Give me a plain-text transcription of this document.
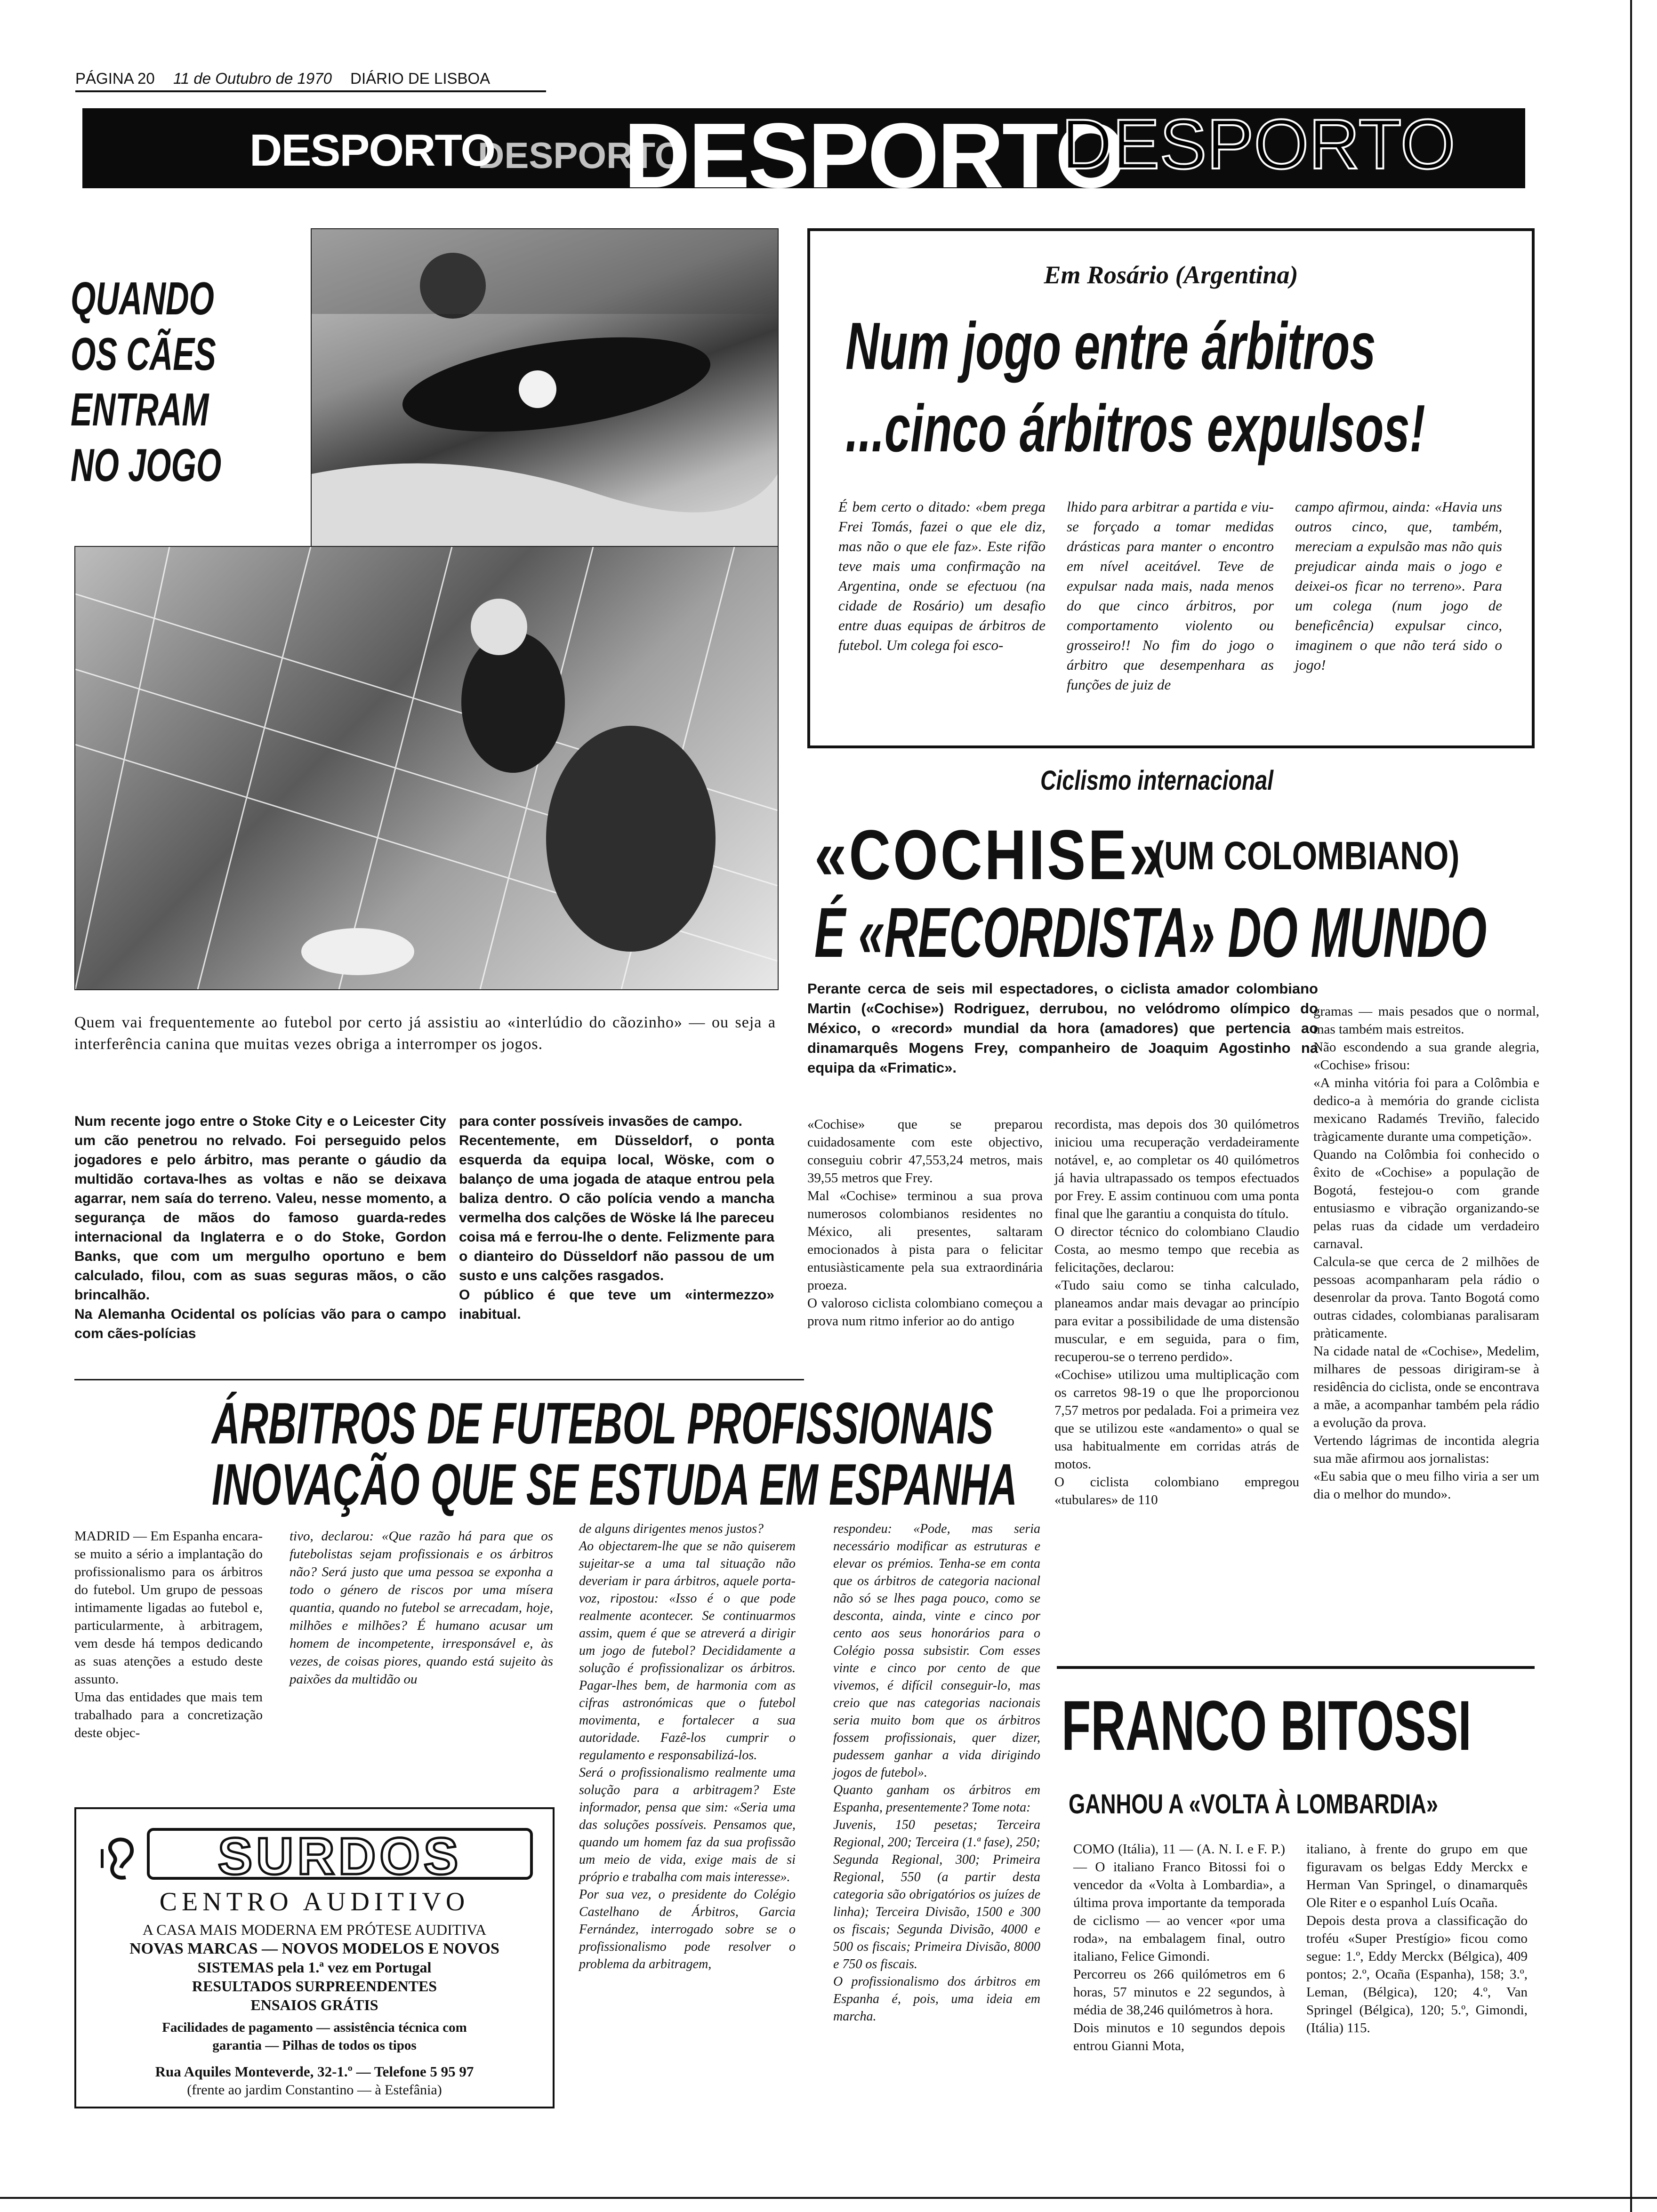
PÁGINA 20 11 de Outubro de 1970 DIÁRIO DE LISBOA
DESPORTO
DESPORTO
DESPORTO
DESPORTO
QUANDO
OS CÃES
ENTRAM
NO JOGO
Quem vai frequentemente ao futebol por certo já assistiu ao «interlúdio do cãozinho» — ou seja a interferência canina que muitas vezes obriga a interromper os jogos.
Num recente jogo entre o Stoke City e o Leicester City um cão penetrou no relvado. Foi perseguido pelos jogadores e pelo árbitro, mas perante o gáudio da multidão cortava-lhes as voltas e não se deixava agarrar, nem saía do terreno. Valeu, nesse momento, a segurança de mãos do famoso guarda-redes internacional da Inglaterra e o do Stoke, Gordon Banks, que com um mergulho oportuno e bem calculado, filou, com as suas seguras mãos, o cão brincalhão.
Na Alemanha Ocidental os polícias vão para o campo com cães-polícias
para conter possíveis invasões de campo.
Recentemente, em Düsseldorf, o ponta esquerda da equipa local, Wöske, com o balanço de uma jogada de ataque entrou pela baliza dentro. O cão polícia vendo a mancha vermelha dos calções de Wöske lá lhe pareceu coisa má e ferrou-lhe o dente. Felizmente para o dianteiro do Düsseldorf não passou de um susto e uns calções rasgados.
O público é que teve um «intermezzo» inabitual.
Em Rosário (Argentina)
Num jogo entre árbitros
...cinco árbitros expulsos!
É bem certo o ditado: «bem prega Frei Tomás, fazei o que ele diz, mas não o que ele faz». Este rifão teve mais uma confirmação na Argentina, onde se efectuou (na cidade de Rosário) um desafio entre duas equipas de árbitros de futebol. Um colega foi esco-
lhido para arbitrar a partida e viu-se forçado a tomar medidas drásticas para manter o encontro em nível aceitável. Teve de expulsar nada mais, nada menos do que cinco árbitros, por comportamento violento ou grosseiro!! No fim do jogo o árbitro que desempenhara as funções de juiz de
campo afirmou, ainda: «Havia uns outros cinco, que, também, mereciam a expulsão mas não quis prejudicar ainda mais o jogo e deixei-os ficar no terreno». Para um colega (num jogo de beneficência) expulsar cinco, imaginem o que não terá sido o jogo!
Ciclismo internacional
«COCHISE»
(UM COLOMBIANO)
É «RECORDISTA» DO MUNDO
Perante cerca de seis mil espectadores, o ciclista amador colombiano Martin («Cochise») Rodriguez, derrubou, no velódromo olímpico do México, o «record» mundial da hora (amadores) que pertencia ao dinamarquês Mogens Frey, companheiro de Joaquim Agostinho na equipa da «Frimatic».
«Cochise» que se preparou cuidadosamente com este objectivo, conseguiu cobrir 47,553,24 metros, mais 39,55 metros que Frey.
Mal «Cochise» terminou a sua prova numerosos colombianos residentes no México, ali presentes, saltaram emocionados à pista para o felicitar entusiàsticamente pela sua extraordinária proeza.
O valoroso ciclista colombiano começou a prova num ritmo inferior ao do antigo
recordista, mas depois dos 30 quilómetros iniciou uma recuperação verdadeiramente notável, e, ao completar os 40 quilómetros já havia ultrapassado os tempos efectuados por Frey. E assim continuou com uma ponta final que lhe garantiu a conquista do título.
O director técnico do colombiano Claudio Costa, ao mesmo tempo que recebia as felicitações, declarou:
«Tudo saiu como se tinha calculado, planeamos andar mais devagar ao princípio para evitar a possibilidade de uma distensão muscular, e em seguida, para o fim, recuperou-se o terreno perdido».
«Cochise» utilizou uma multiplicação com os carretos 98-19 o que lhe proporcionou 7,57 metros por pedalada. Foi a primeira vez que se utilizou este «andamento» o qual se usa habitualmente em corridas atrás de motos.
O ciclista colombiano empregou «tubulares» de 110
gramas — mais pesados que o normal, mas também mais estreitos.
Não escondendo a sua grande alegria, «Cochise» frisou:
«A minha vitória foi para a Colômbia e dedico-a à memória do grande ciclista mexicano Radamés Treviño, falecido tràgicamente durante uma competição».
Quando na Colômbia foi conhecido o êxito de «Cochise» a população de Bogotá, festejou-o com grande entusiasmo e vibração organizando-se pelas ruas da cidade um verdadeiro carnaval.
Calcula-se que cerca de 2 milhões de pessoas acompanharam pela rádio o desenrolar da prova. Tanto Bogotá como outras cidades, colombianas paralisaram pràticamente.
Na cidade natal de «Cochise», Medelim, milhares de pessoas dirigiram-se à residência do ciclista, onde se encontrava a mãe, a acompanhar também pela rádio a evolução da prova.
Vertendo lágrimas de incontida alegria sua mãe afirmou aos jornalistas:
«Eu sabia que o meu filho viria a ser um dia o melhor do mundo».
ÁRBITROS DE FUTEBOL PROFISSIONAIS
INOVAÇÃO QUE SE ESTUDA EM ESPANHA
MADRID — Em Espanha encara-se muito a sério a implantação do profissionalismo para os árbitros do futebol. Um grupo de pessoas intimamente ligadas ao futebol e, particularmente, à arbitragem, vem desde há tempos dedicando as suas atenções a estudo deste assunto.
Uma das entidades que mais tem trabalhado para a concretização deste objec-
tivo, declarou: «Que razão há para que os futebolistas sejam profissionais e os árbitros não? Será justo que uma pessoa se exponha a todo o género de riscos por uma mísera quantia, quando no futebol se arrecadam, hoje, milhões e milhões? É humano acusar um homem de incompetente, irresponsável e, às vezes, de coisas piores, quando está sujeito às paixões da multidão ou
de alguns dirigentes menos justos?
Ao objectarem-lhe que se não quiserem sujeitar-se a uma tal situação não deveriam ir para árbitros, aquele porta-voz, ripostou: «Isso é o que pode realmente acontecer. Se continuarmos assim, quem é que se atreverá a dirigir um jogo de futebol? Decididamente a solução é profissionalizar os árbitros. Pagar-lhes bem, de harmonia com as cifras astronómicas que o futebol movimenta, e fortalecer a sua autoridade. Fazê-los cumprir o regulamento e responsabilizá-los.
Será o profissionalismo realmente uma solução para a arbitragem? Este informador, pensa que sim: «Seria uma das soluções possíveis. Pensamos que, quando um homem faz da sua profissão um meio de vida, exige mais de si próprio e trabalha com mais interesse».
Por sua vez, o presidente do Colégio Castelhano de Árbitros, Garcia Fernández, interrogado sobre se o profissionalismo pode resolver o problema da arbitragem,
respondeu: «Pode, mas seria necessário modificar as estruturas e elevar os prémios. Tenha-se em conta que os árbitros de categoria nacional não só se lhes paga pouco, como se desconta, ainda, vinte e cinco por cento aos seus honorários para o Colégio possa subsistir. Com esses vinte e cinco por cento de que vivemos, é difícil conseguir-lo, mas creio que nas categorias nacionais seria muito bom que os árbitros fossem profissionais, quer dizer, pudessem ganhar a vida dirigindo jogos de futebol».
Quanto ganham os árbitros em Espanha, presentemente? Tome nota:
Juvenis, 150 pesetas; Terceira Regional, 200; Terceira (1.ª fase), 250; Segunda Regional, 300; Primeira Regional, 550 (a partir desta categoria são obrigatórios os juízes de linha); Terceira Divisão, 1500 e 300 os fiscais; Segunda Divisão, 4000 e 500 os fiscais; Primeira Divisão, 8000 e 750 os fiscais.
O profissionalismo dos árbitros em Espanha é, pois, uma ideia em marcha.
SURDOS
CENTRO AUDITIVO
A CASA MAIS MODERNA EM PRÓTESE AUDITIVA
NOVAS MARCAS — NOVOS MODELOS E NOVOS
SISTEMAS pela 1.ª vez em Portugal
RESULTADOS SURPREENDENTES
ENSAIOS GRÁTIS
Facilidades de pagamento — assistência técnica com
garantia — Pilhas de todos os tipos
Rua Aquiles Monteverde, 32-1.º — Telefone 5 95 97
(frente ao jardim Constantino — à Estefânia)
FRANCO BITOSSI
GANHOU A «VOLTA À LOMBARDIA»
COMO (Itália), 11 — (A. N. I. e F. P.) — O italiano Franco Bitossi foi o vencedor da «Volta à Lombardia», a última prova importante da temporada de ciclismo — ao vencer «por uma roda», na embalagem final, outro italiano, Felice Gimondi.
Percorreu os 266 quilómetros em 6 horas, 57 minutos e 22 segundos, à média de 38,246 quilómetros à hora.
Dois minutos e 10 segundos depois entrou Gianni Mota,
italiano, à frente do grupo em que figuravam os belgas Eddy Merckx e Herman Van Springel, o dinamarquês Ole Riter e o espanhol Luís Ocaña.
Depois desta prova a classificação do troféu «Super Prestígio» ficou como segue: 1.º, Eddy Merckx (Bélgica), 409 pontos; 2.º, Ocaña (Espanha), 158; 3.º, Leman, (Bélgica), 120; 4.º, Van Springel (Bélgica), 120; 5.º, Gimondi, (Itália) 115.
